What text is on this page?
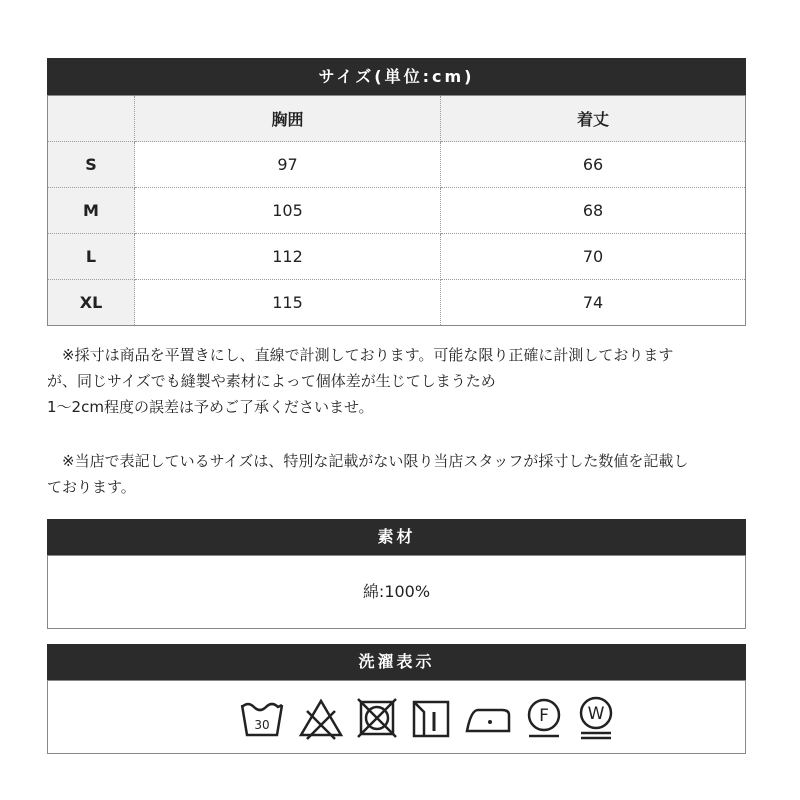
サイズ(単位:cm)
	胸囲	着丈
S	97	66
M	105	68
L	112	70
XL	115	74
　※採寸は商品を平置きにし、直線で計測しております。可能な限り正確に計測しております
が、同じサイズでも縫製や素材によって個体差が生じてしまうため
1～2cm程度の誤差は予めご了承くださいませ。
　※当店で表記しているサイズは、特別な記載がない限り当店スタッフが採寸した数値を記載し
ております。
素材
綿:100%
洗濯表示
30	F W
